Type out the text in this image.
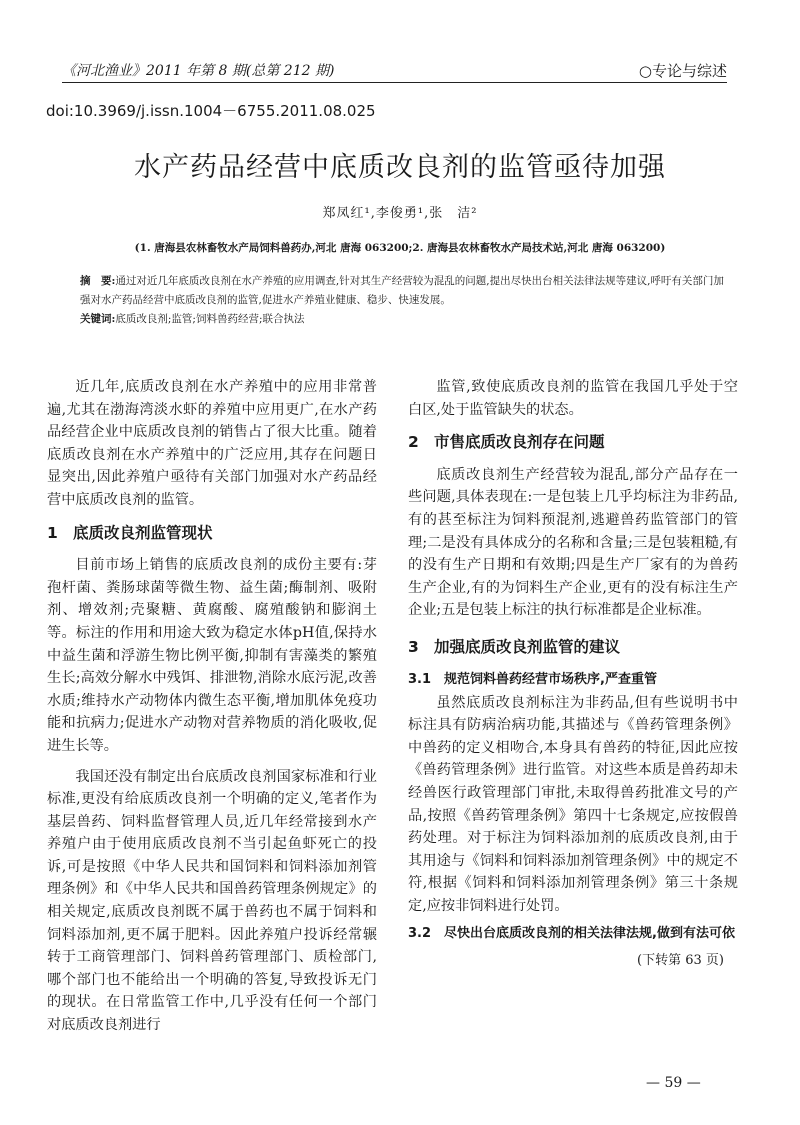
《河北渔业》2011 年第 8 期(总第 212 期)	○专论与综述
doi:10.3969/j.issn.1004－6755.2011.08.025
水产药品经营中底质改良剂的监管亟待加强
郑凤红¹,李俊勇¹,张　洁²
(1. 唐海县农林畜牧水产局饲料兽药办,河北 唐海 063200;2. 唐海县农林畜牧水产局技术站,河北 唐海 063200)
摘　要:通过对近几年底质改良剂在水产养殖的应用调查,针对其生产经营较为混乱的问题,提出尽快出台相关法律法规等建议,呼吁有关部门加强对水产药品经营中底质改良剂的监管,促进水产养殖业健康、稳步、快速发展。
关键词:底质改良剂;监管;饲料兽药经营;联合执法

近几年,底质改良剂在水产养殖中的应用非常普遍,尤其在渤海湾淡水虾的养殖中应用更广,在水产药品经营企业中底质改良剂的销售占了很大比重。随着底质改良剂在水产养殖中的广泛应用,其存在问题日显突出,因此养殖户亟待有关部门加强对水产药品经营中底质改良剂的监管。

1 底质改良剂监管现状

目前市场上销售的底质改良剂的成份主要有:芽孢杆菌、粪肠球菌等微生物、益生菌;酶制剂、吸附剂、增效剂;壳聚糖、黄腐酸、腐殖酸钠和膨润土等。标注的作用和用途大致为稳定水体pH值,保持水中益生菌和浮游生物比例平衡,抑制有害藻类的繁殖生长;高效分解水中残饵、排泄物,消除水底污泥,改善水质;维持水产动物体内微生态平衡,增加肌体免疫功能和抗病力;促进水产动物对营养物质的消化吸收,促进生长等。

我国还没有制定出台底质改良剂国家标准和行业标准,更没有给底质改良剂一个明确的定义,笔者作为基层兽药、饲料监督管理人员,近几年经常接到水产养殖户由于使用底质改良剂不当引起鱼虾死亡的投诉,可是按照《中华人民共和国饲料和饲料添加剂管理条例》和《中华人民共和国兽药管理条例规定》的相关规定,底质改良剂既不属于兽药也不属于饲料和饲料添加剂,更不属于肥料。因此养殖户投诉经常辗转于工商管理部门、饲料兽药管理部门、质检部门,哪个部门也不能给出一个明确的答复,导致投诉无门的现状。在日常监管工作中,几乎没有任何一个部门对底质改良剂进行

监管,致使底质改良剂的监管在我国几乎处于空白区,处于监管缺失的状态。

2 市售底质改良剂存在问题

底质改良剂生产经营较为混乱,部分产品存在一些问题,具体表现在:一是包装上几乎均标注为非药品,有的甚至标注为饲料预混剂,逃避兽药监管部门的管理;二是没有具体成分的名称和含量;三是包装粗糙,有的没有生产日期和有效期;四是生产厂家有的为兽药生产企业,有的为饲料生产企业,更有的没有标注生产企业;五是包装上标注的执行标准都是企业标准。

3 加强底质改良剂监管的建议
3.1　规范饲料兽药经营市场秩序,严查重管

虽然底质改良剂标注为非药品,但有些说明书中标注具有防病治病功能,其描述与《兽药管理条例》中兽药的定义相吻合,本身具有兽药的特征,因此应按《兽药管理条例》进行监管。对这些本质是兽药却未经兽医行政管理部门审批,未取得兽药批准文号的产品,按照《兽药管理条例》第四十七条规定,应按假兽药处理。对于标注为饲料添加剂的底质改良剂,由于其用途与《饲料和饲料添加剂管理条例》中的规定不符,根据《饲料和饲料添加剂管理条例》第三十条规定,应按非饲料进行处罚。

3.2　尽快出台底质改良剂的相关法律法规,做到有法可依
(下转第 63 页)
— 59 —
